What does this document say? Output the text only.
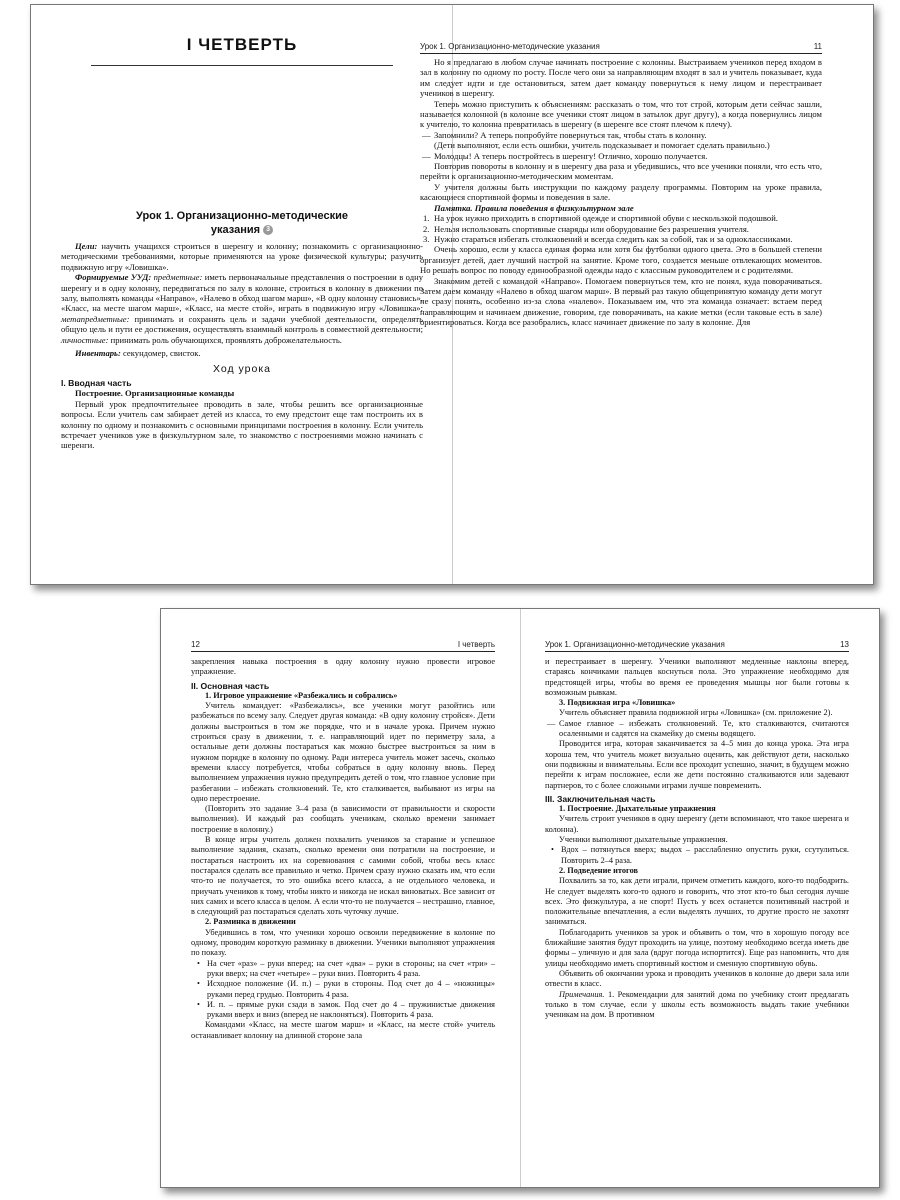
I ЧЕТВЕРТЬ
Урок 1. Организационно-методические
указания 3

Цели: научить учащихся строиться в шеренгу и колонну; познакомить с организационно-методическими требованиями, которые применяются на уроке физической культуры; разучить подвижную игру «Ловишка».

Формируемые УУД: предметные: иметь первоначальные представления о построении в одну шеренгу и в одну колонну, передвигаться по залу в колонне, строиться в колонну в движении по залу, выполнять команды «Направо», «Налево в обход шагом марш», «В одну колонну становись», «Класс, на месте шагом марш», «Класс, на месте стой», играть в подвижную игру «Ловишка»; метапредметные: принимать и сохранять цель и задачи учебной деятельности, определять общую цель и пути ее достижения, осуществлять взаимный контроль в совместной деятельности; личностные: принимать роль обучающихся, проявлять доброжелательность.

Инвентарь: секундомер, свисток.

Ход урока

I. Вводная часть

Построение. Организационные команды

Первый урок предпочтительнее проводить в зале, чтобы решить все организационные вопросы. Если учитель сам забирает детей из класса, то ему предстоит еще там построить их в колонну по одному и познакомить с основными принципами построения в колонну. Если учитель встречает учеников уже в физкультурном зале, то знакомство с построениями можно начинать с шеренги.

Урок 1. Организационно-методические указания	11

Но я предлагаю в любом случае начинать построение с колонны. Выстраиваем учеников перед входом в зал в колонну по одному по росту. После чего они за направляющим входят в зал и учитель показывает, куда им следует идти и где остановиться, затем дает команду повернуться к нему лицом и перестраивает учеников в шеренгу.

Теперь можно приступить к объяснениям: рассказать о том, что тот строй, которым дети сейчас зашли, называется колонной (в колонне все ученики стоят лицом в затылок друг другу), а когда повернулись лицом к учителю, то колонна превратилась в шеренгу (в шеренге все стоят плечом к плечу).

— Запомнили? А теперь попробуйте повернуться так, чтобы стать в колонну.

(Дети выполняют, если есть ошибки, учитель подсказывает и помогает сделать правильно.)

— Молодцы! А теперь постройтесь в шеренгу! Отлично, хорошо получается.

Повторив повороты в колонну и в шеренгу два раза и убедившись, что все ученики поняли, что есть что, перейти к организационно-методическим моментам.

У учителя должны быть инструкции по каждому разделу программы. Повторим на уроке правила, касающиеся спортивной формы и поведения в зале.

Памятка. Правила поведения в физкультурном зале

1. На урок нужно приходить в спортивной одежде и спортивной обуви с нескользкой подошвой.

2. Нельзя использовать спортивные снаряды или оборудование без разрешения учителя.

3. Нужно стараться избегать столкновений и всегда следить как за собой, так и за одноклассниками.

Очень хорошо, если у класса единая форма или хотя бы футболки одного цвета. Это в большей степени организует детей, дает лучший настрой на занятие. Кроме того, создается меньше отвлекающих моментов. Но решать вопрос по поводу единообразной одежды надо с классным руководителем и с родителями.

Знакомим детей с командой «Направо». Помогаем повернуться тем, кто не понял, куда поворачиваться. Затем даем команду «Налево в обход шагом марш». В первый раз такую общепринятую команду дети могут не сразу понять, особенно из-за слова «налево». Показываем им, что эта команда означает: встаем перед направляющим и начинаем движение, говорим, где поворачивать, на какие метки (если таковые есть в зале) ориентироваться. Когда все разобрались, класс начинает движение по залу в колонне. Для

12	I четверть

закрепления навыка построения в одну колонну нужно провести игровое упражнение.

II. Основная часть

1. Игровое упражнение «Разбежались и собрались»

Учитель командует: «Разбежались», все ученики могут разойтись или разбежаться по всему залу. Следует другая команда: «В одну колонну стройся». Дети должны выстроиться в том же порядке, что и в начале урока. Причем нужно строиться сразу в движении, т. е. направляющий идет по периметру зала, а остальные дети должны постараться как можно быстрее выстроиться за ним в нужном порядке в колонну по одному. Ради интереса учитель может засечь, сколько времени классу потребуется, чтобы собраться в одну колонну вновь. Перед выполнением упражнения нужно предупредить детей о том, что главное условие при разбегании – избежать столкновений. Те, кто сталкивается, выбывают из игры на одно перестроение.

(Повторить это задание 3–4 раза (в зависимости от правильности и скорости выполнения). И каждый раз сообщать ученикам, сколько времени занимает построение в колонну.)

В конце игры учитель должен похвалить учеников за старание и успешное выполнение задания, сказать, сколько времени они потратили на построение, и постараться настроить их на соревнования с самими собой, чтобы весь класс постарался сделать все правильно и четко. Причем сразу нужно сказать им, что если что-то не получается, то это ошибка всего класса, а не отдельного человека, и приучать учеников к тому, чтобы никто и никогда не искал виноватых. Все зависит от них самих и всего класса в целом. А если что-то не получается – нестрашно, главное, в следующий раз постараться сделать хоть чуточку лучше.

2. Разминка в движении

Убедившись в том, что ученики хорошо освоили передвижение в колонне по одному, проводим короткую разминку в движении. Ученики выполняют упражнения по показу.

• На счет «раз» – руки вперед; на счет «два» – руки в стороны; на счет «три» – руки вверх; на счет «четыре» – руки вниз. Повторить 4 раза.

• Исходное положение (И. п.) – руки в стороны. Под счет до 4 – «ножницы» руками перед грудью. Повторить 4 раза.

• И. п. – прямые руки сзади в замок. Под счет до 4 – пружинистые движения руками вверх и вниз (вперед не наклоняться). Повторить 4 раза.

Командами «Класс, на месте шагом марш» и «Класс, на месте стой» учитель останавливает колонну на длинной стороне зала

Урок 1. Организационно-методические указания	13

и перестраивает в шеренгу. Ученики выполняют медленные наклоны вперед, стараясь кончиками пальцев коснуться пола. Это упражнение необходимо для предстоящей игры, чтобы во время ее проведения мышцы ног были готовы к возможным рывкам.

3. Подвижная игра «Ловишка»

Учитель объясняет правила подвижной игры «Ловишка» (см. приложение 2).

— Самое главное – избежать столкновений. Те, кто сталкиваются, считаются осаленными и садятся на скамейку до смены водящего.

Проводится игра, которая заканчивается за 4–5 мин до конца урока. Эта игра хороша тем, что учитель может визуально оценить, как действуют дети, насколько они подвижны и внимательны. Если все проходит успешно, значит, в будущем можно перейти к играм посложнее, если же дети постоянно сталкиваются или задевают партнеров, то с более сложными играми лучше повременить.

III. Заключительная часть

1. Построение. Дыхательные упражнения

Учитель строит учеников в одну шеренгу (дети вспоминают, что такое шеренга и колонна).

Ученики выполняют дыхательные упражнения.

• Вдох – потянуться вверх; выдох – расслабленно опустить руки, ссутулиться. Повторить 2–4 раза.

2. Подведение итогов

Похвалить за то, как дети играли, причем отметить каждого, кого-то подбодрить. Не следует выделять кого-то одного и говорить, что этот кто-то был сегодня лучше всех. Это физкультура, а не спорт! Пусть у всех останется позитивный настрой и положительные впечатления, а если выделять лучших, то другие просто не захотят заниматься.

Поблагодарить учеников за урок и объявить о том, что в хорошую погоду все ближайшие занятия будут проходить на улице, поэтому необходимо всегда иметь две формы – уличную и для зала (вдруг погода испортится). Еще раз напомнить, что для улицы необходимо иметь спортивный костюм и сменную спортивную обувь.

Объявить об окончании урока и проводить учеников в колонне до двери зала или отвести в класс.

Примечания. 1. Рекомендации для занятий дома по учебнику стоит предлагать только в том случае, если у школы есть возможность выдать такие учебники ученикам на дом. В противном
